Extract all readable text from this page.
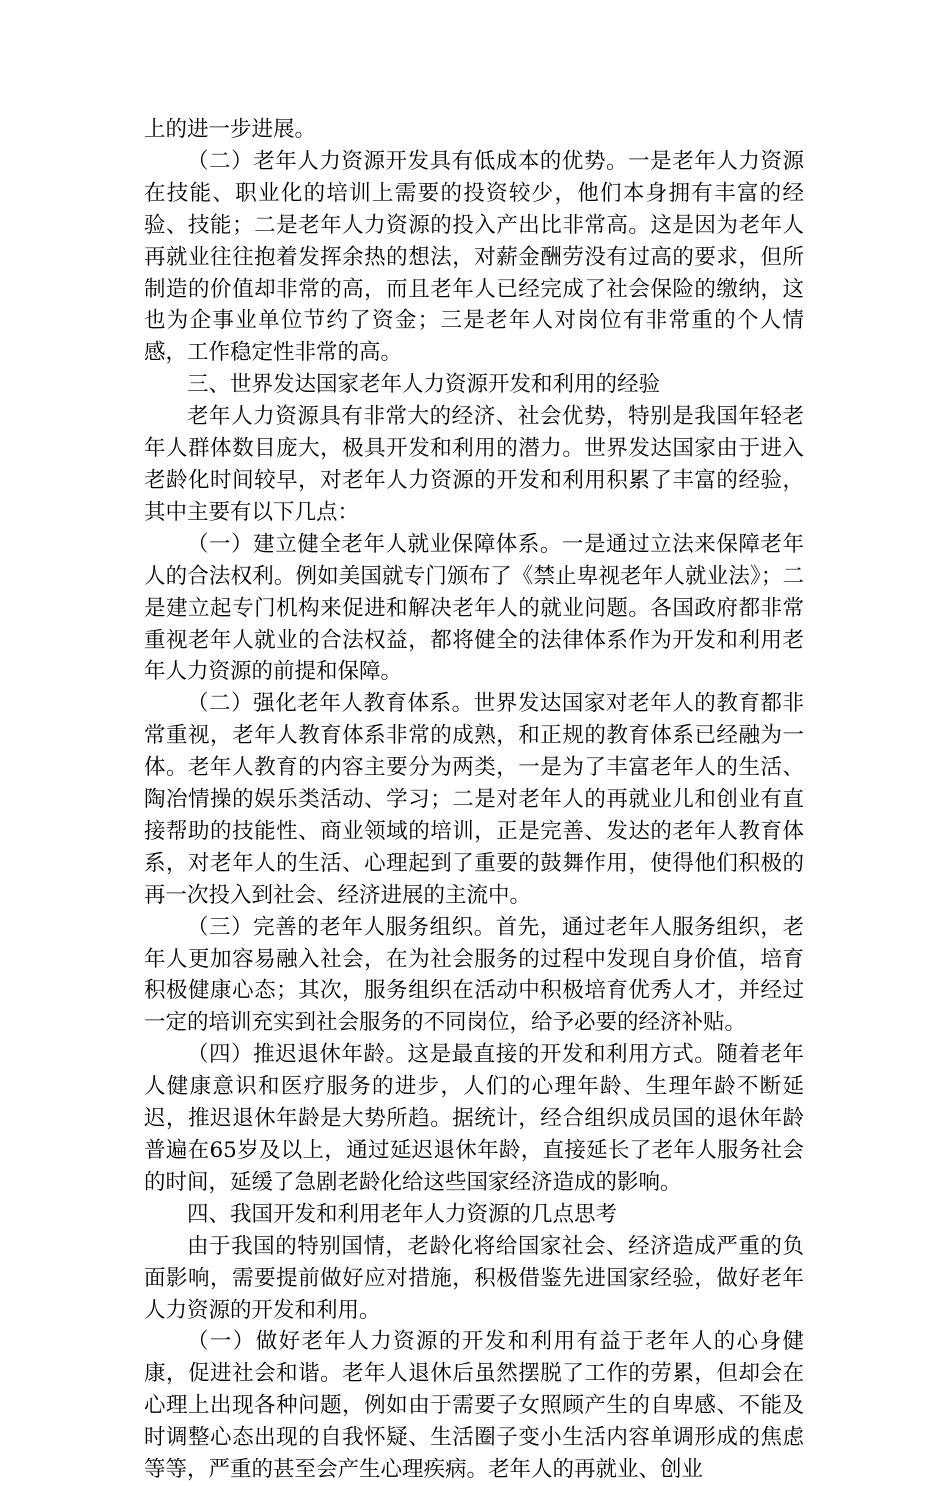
上的进一步进展。

（二）老年人力资源开发具有低成本的优势。一是老年人力资源在技能、职业化的培训上需要的投资较少，他们本身拥有丰富的经验、技能；二是老年人力资源的投入产出比非常高。这是因为老年人再就业往往抱着发挥余热的想法，对薪金酬劳没有过高的要求，但所制造的价值却非常的高，而且老年人已经完成了社会保险的缴纳，这也为企事业单位节约了资金；三是老年人对岗位有非常重的个人情感，工作稳定性非常的高。

三、世界发达国家老年人力资源开发和利用的经验

老年人力资源具有非常大的经济、社会优势，特别是我国年轻老年人群体数目庞大，极具开发和利用的潜力。世界发达国家由于进入老龄化时间较早，对老年人力资源的开发和利用积累了丰富的经验，其中主要有以下几点：

（一）建立健全老年人就业保障体系。一是通过立法来保障老年人的合法权利。例如美国就专门颁布了《禁止卑视老年人就业法》；二是建立起专门机构来促进和解决老年人的就业问题。各国政府都非常重视老年人就业的合法权益，都将健全的法律体系作为开发和利用老年人力资源的前提和保障。

（二）强化老年人教育体系。世界发达国家对老年人的教育都非常重视，老年人教育体系非常的成熟，和正规的教育体系已经融为一体。老年人教育的内容主要分为两类，一是为了丰富老年人的生活、陶冶情操的娱乐类活动、学习；二是对老年人的再就业儿和创业有直接帮助的技能性、商业领域的培训，正是完善、发达的老年人教育体系，对老年人的生活、心理起到了重要的鼓舞作用，使得他们积极的再一次投入到社会、经济进展的主流中。

（三）完善的老年人服务组织。首先，通过老年人服务组织，老年人更加容易融入社会，在为社会服务的过程中发现自身价值，培育积极健康心态；其次，服务组织在活动中积极培育优秀人才，并经过一定的培训充实到社会服务的不同岗位，给予必要的经济补贴。

（四）推迟退休年龄。这是最直接的开发和利用方式。随着老年人健康意识和医疗服务的进步，人们的心理年龄、生理年龄不断延迟，推迟退休年龄是大势所趋。据统计，经合组织成员国的退休年龄普遍在65岁及以上，通过延迟退休年龄，直接延长了老年人服务社会的时间，延缓了急剧老龄化给这些国家经济造成的影响。

四、我国开发和利用老年人力资源的几点思考

由于我国的特别国情，老龄化将给国家社会、经济造成严重的负面影响，需要提前做好应对措施，积极借鉴先进国家经验，做好老年人力资源的开发和利用。

（一）做好老年人力资源的开发和利用有益于老年人的心身健康，促进社会和谐。老年人退休后虽然摆脱了工作的劳累，但却会在心理上出现各种问题，例如由于需要子女照顾产生的自卑感、不能及时调整心态出现的自我怀疑、生活圈子变小生活内容单调形成的焦虑等等，严重的甚至会产生心理疾病。老年人的再就业、创业
